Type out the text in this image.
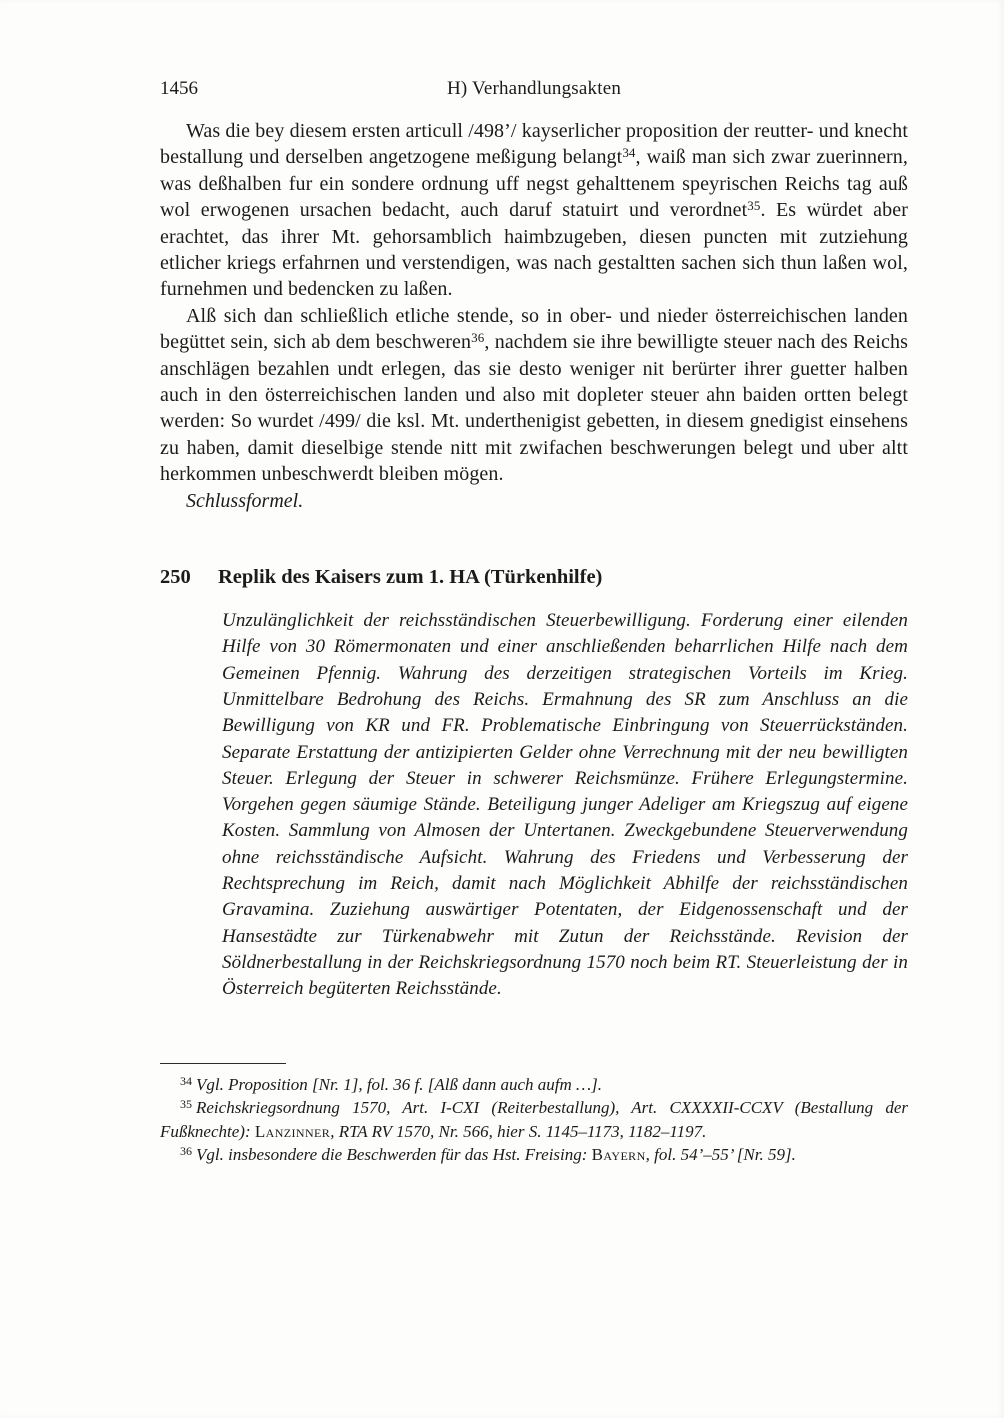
1456	H) Verhandlungsakten

Was die bey diesem ersten articull /498’/ kayserlicher proposition der reutter- und knecht bestallung und derselben angetzogene meßigung belangt$^{34}$, waiß man sich zwar zuerinnern, was deßhalben fur ein sondere ordnung uff negst gehalttenem speyrischen Reichs tag auß wol erwogenen ursachen bedacht, auch daruf statuirt und verordnet$^{35}$. Es würdet aber erachtet, das ihrer Mt. gehorsamblich haimbzugeben, diesen puncten mit zutziehung etlicher kriegs erfahrnen und verstendigen, was nach gestaltten sachen sich thun laßen wol, furnehmen und bedencken zu laßen.

Alß sich dan schließlich etliche stende, so in ober- und nieder österreichischen landen begüttet sein, sich ab dem beschweren$^{36}$, nachdem sie ihre bewilligte steuer nach des Reichs anschlägen bezahlen undt erlegen, das sie desto weniger nit berürter ihrer guetter halben auch in den österreichischen landen und also mit dopleter steuer ahn baiden ortten belegt werden: So wurdet /499/ die ksl. Mt. underthenigist gebetten, in diesem gnedigist einsehens zu haben, damit dieselbige stende nitt mit zwifachen beschwerungen belegt und uber altt herkommen unbeschwerdt bleiben mögen.

Schlussformel.

250	Replik des Kaisers zum 1. HA (Türkenhilfe)

Unzulänglichkeit der reichsständischen Steuerbewilligung. Forderung einer eilenden Hilfe von 30 Römermonaten und einer anschließenden beharrlichen Hilfe nach dem Gemeinen Pfennig. Wahrung des derzeitigen strategischen Vorteils im Krieg. Unmittelbare Bedrohung des Reichs. Ermahnung des SR zum Anschluss an die Bewilligung von KR und FR. Problematische Einbringung von Steuerrückständen. Separate Erstattung der antizipierten Gelder ohne Verrechnung mit der neu bewilligten Steuer. Erlegung der Steuer in schwerer Reichsmünze. Frühere Erlegungstermine. Vorgehen gegen säumige Stände. Beteiligung junger Adeliger am Kriegszug auf eigene Kosten. Sammlung von Almosen der Untertanen. Zweckgebundene Steuerverwendung ohne reichsständische Aufsicht. Wahrung des Friedens und Verbesserung der Rechtsprechung im Reich, damit nach Möglichkeit Abhilfe der reichsständischen Gravamina. Zuziehung auswärtiger Potentaten, der Eidgenossenschaft und der Hansestädte zur Türkenabwehr mit Zutun der Reichsstände. Revision der Söldnerbestallung in der Reichskriegsordnung 1570 noch beim RT. Steuerleistung der in Österreich begüterten Reichsstände.

$^{34}$ Vgl. Proposition [Nr. 1], fol. 36 f. [Alß dann auch aufm …].

$^{35}$ Reichskriegsordnung 1570, Art. I-CXI (Reiterbestallung), Art. CXXXXII-CCXV (Bestallung der Fußknechte): Lanzinner, RTA RV 1570, Nr. 566, hier S. 1145–1173, 1182–1197.

$^{36}$ Vgl. insbesondere die Beschwerden für das Hst. Freising: Bayern, fol. 54’–55’ [Nr. 59].
